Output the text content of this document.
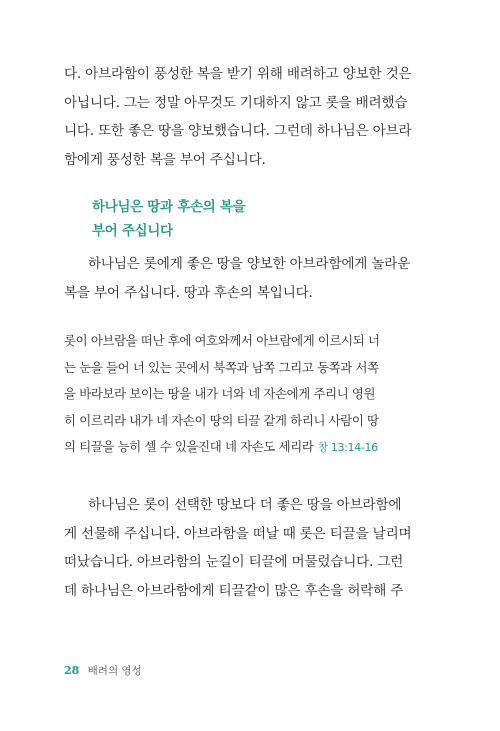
다. 아브라함이 풍성한 복을 받기 위해 배려하고 양보한 것은
아닙니다. 그는 정말 아무것도 기대하지 않고 롯을 배려했습
니다. 또한 좋은 땅을 양보했습니다. 그런데 하나님은 아브라
함에게 풍성한 복을 부어 주십니다.
하나님은 땅과 후손의 복을
부어 주십니다
하나님은 롯에게 좋은 땅을 양보한 아브라함에게 놀라운
복을 부어 주십니다. 땅과 후손의 복입니다.
롯이 아브람을 떠난 후에 여호와께서 아브람에게 이르시되 너
는 눈을 들어 너 있는 곳에서 북쪽과 남쪽 그리고 동쪽과 서쪽
을 바라보라 보이는 땅을 내가 너와 네 자손에게 주리니 영원
히 이르리라 내가 네 자손이 땅의 티끌 같게 하리니 사람이 땅
의 티끌을 능히 셀 수 있을진대 네 자손도 세리라 창 13:14-16
하나님은 롯이 선택한 땅보다 더 좋은 땅을 아브라함에
게 선물해 주십니다. 아브라함을 떠날 때 롯은 티끌을 날리며
떠났습니다. 아브라함의 눈길이 티끌에 머물렀습니다. 그런
데 하나님은 아브라함에게 티끌같이 많은 후손을 허락해 주
28 배려의 영성
